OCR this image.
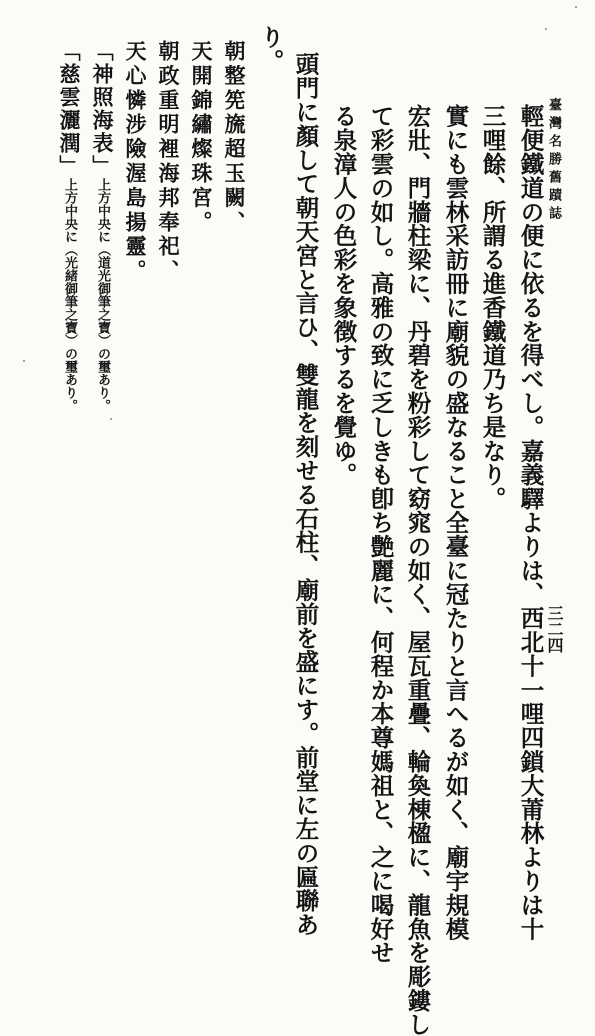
三二四

輕便鐵道の便に依るを得べし。嘉義驛よりは、西北十一哩四鎖大莆林よりは十

三哩餘、所謂る進香鐵道乃ち是なり。

實にも雲林采訪冊に廟貌の盛なること全臺に冠たりと言へるが如く、廟宇規模

宏壯、門牆柱梁に、丹碧を粉彩して窈窕の如く、屋瓦重疊、輪奐棟楹に、龍魚を彫鏤し

て彩雲の如し。高雅の致に乏しきも卽ち艶麗に、何程か本尊媽祖と、之に喝好せ

る泉漳人の色彩を象徴するを覺ゆ。

頭門に顏して朝天宮と言ひ、雙龍を刻せる石柱、廟前を盛にす。前堂に左の匾聯あ

り。

臺灣名勝舊蹟誌

朝整筅旒超玉闕、

天開錦繡燦珠宮。

朝政重明裡海邦奉祀、

天心憐涉險渥島揚靈。

「神照海表」上方中央に（道光御筆之寶）の璽あり。
「慈雲灑潤」上方中央に（光緒御筆之寶）の璽あり。
